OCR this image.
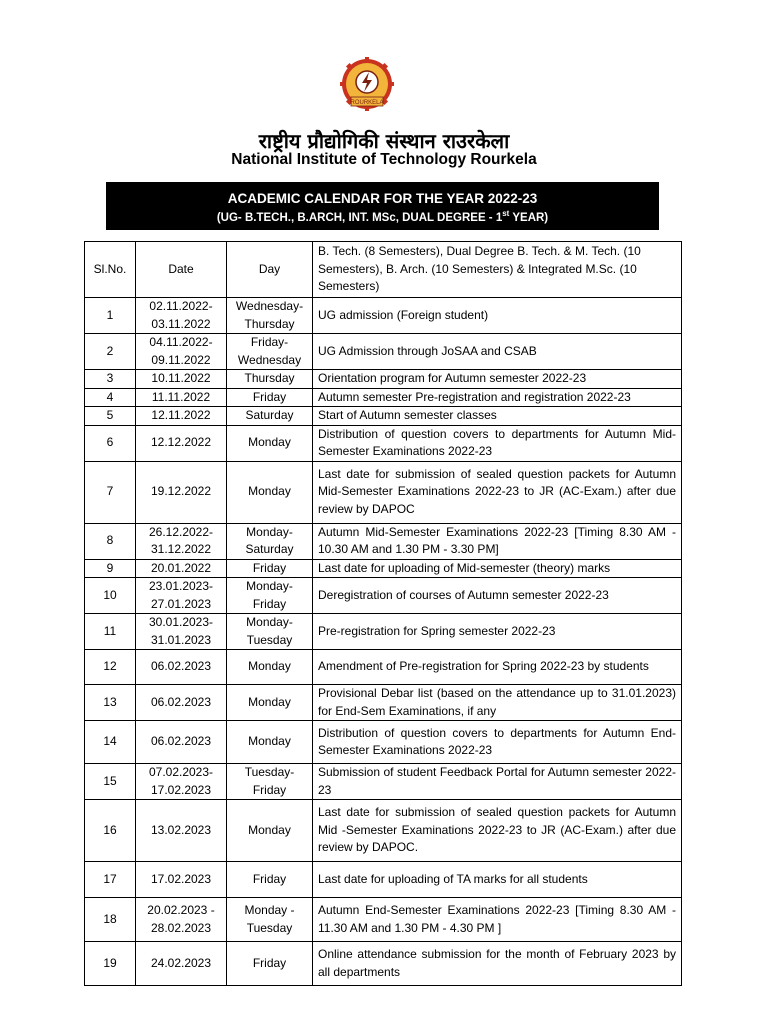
ROURKELA
राष्ट्रीय प्रौद्योगिकी संस्थान राउरकेला
National Institute of Technology Rourkela
ACADEMIC CALENDAR FOR THE YEAR 2022-23
(UG- B.TECH., B.ARCH, INT. MSc, DUAL DEGREE - 1st YEAR)
Sl.No.	Date	Day	B. Tech. (8 Semesters), Dual Degree B. Tech. & M. Tech. (10 Semesters), B. Arch. (10 Semesters) & Integrated M.Sc. (10 Semesters)
1	02.11.2022-03.11.2022	Wednesday-Thursday	UG admission (Foreign student)
2	04.11.2022-09.11.2022	Friday-Wednesday	UG Admission through JoSAA and CSAB
3	10.11.2022	Thursday	Orientation program for Autumn semester 2022-23
4	11.11.2022	Friday	Autumn semester Pre-registration and registration 2022-23
5	12.11.2022	Saturday	Start of Autumn semester classes
6	12.12.2022	Monday	Distribution of question covers to departments for Autumn Mid-Semester Examinations 2022-23
7	19.12.2022	Monday	Last date for submission of sealed question packets for Autumn Mid-Semester Examinations 2022-23 to JR (AC-Exam.) after due review by DAPOC
8	26.12.2022-31.12.2022	Monday-Saturday	Autumn Mid-Semester Examinations 2022-23 [Timing 8.30 AM - 10.30 AM and 1.30 PM - 3.30 PM]
9	20.01.2022	Friday	Last date for uploading of Mid-semester (theory) marks
10	23.01.2023-27.01.2023	Monday-Friday	Deregistration of courses of Autumn semester 2022-23
11	30.01.2023-31.01.2023	Monday-Tuesday	Pre-registration for Spring semester 2022-23
12	06.02.2023	Monday	Amendment of Pre-registration for Spring 2022-23 by students
13	06.02.2023	Monday	Provisional Debar list (based on the attendance up to 31.01.2023) for End-Sem Examinations, if any
14	06.02.2023	Monday	Distribution of question covers to departments for Autumn End-Semester Examinations 2022-23
15	07.02.2023-17.02.2023	Tuesday-Friday	Submission of student Feedback Portal for Autumn semester 2022- 23
16	13.02.2023	Monday	Last date for submission of sealed question packets for Autumn Mid -Semester Examinations 2022-23 to JR (AC-Exam.) after due review by DAPOC.
17	17.02.2023	Friday	Last date for uploading of TA marks for all students
18	20.02.2023 - 28.02.2023	Monday - Tuesday	Autumn End-Semester Examinations 2022-23 [Timing 8.30 AM - 11.30 AM and 1.30 PM - 4.30 PM ]
19	24.02.2023	Friday	Online attendance submission for the month of February 2023 by all departments
